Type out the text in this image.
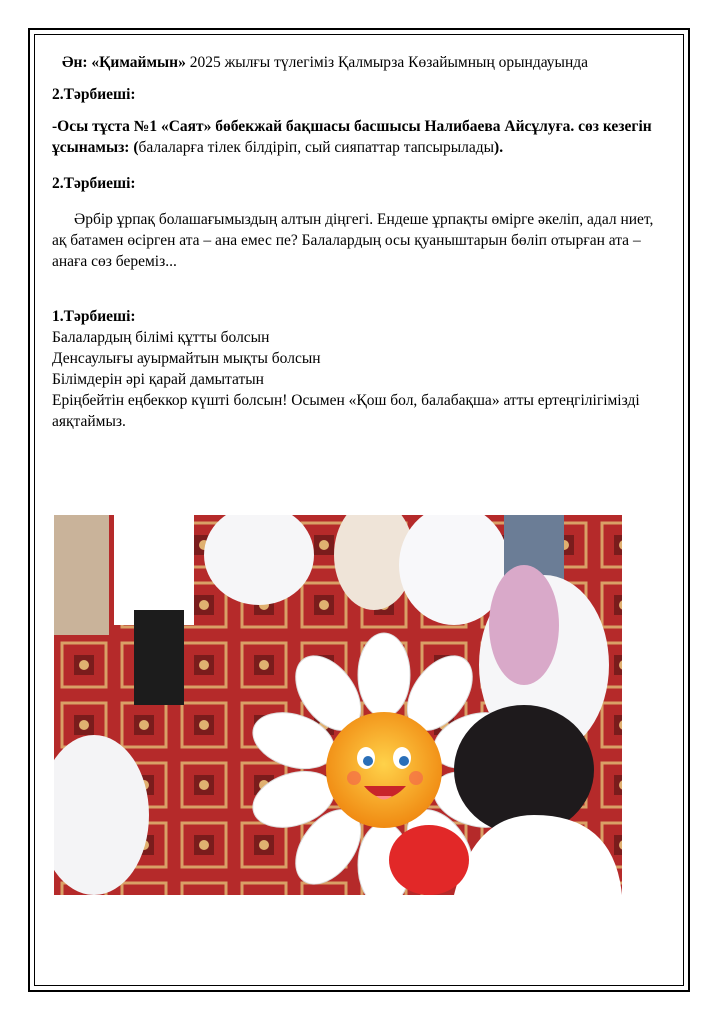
Ән: «Қимаймын» 2025 жылғы түлегіміз Қалмырза Көзайымның орындауында

2.Тәрбиеші:

-Осы тұста №1 «Саят» бөбекжай бақшасы басшысы Налибаева Айсұлуға. сөз кезегін ұсынамыз: (балаларға тілек білдіріп, сый сияпаттар тапсырылады).

2.Тәрбиеші:

Әрбір ұрпақ болашағымыздың алтын діңгегі. Ендеше ұрпақты өмірге әкеліп, адал ниет, ақ батамен өсірген ата – ана емес пе? Балалардың осы қуаныштарын бөліп отырған ата – анаға сөз береміз...

1.Тәрбиеші:

Балалардың білімі құтты болсын

Денсаулығы ауырмайтын мықты болсын

Білімдерін әрі қарай дамытатын

Еріңбейтін еңбеккор күшті болсын! Осымен «Қош бол, балабақша» атты ертеңгілігімізді аяқтаймыз.
